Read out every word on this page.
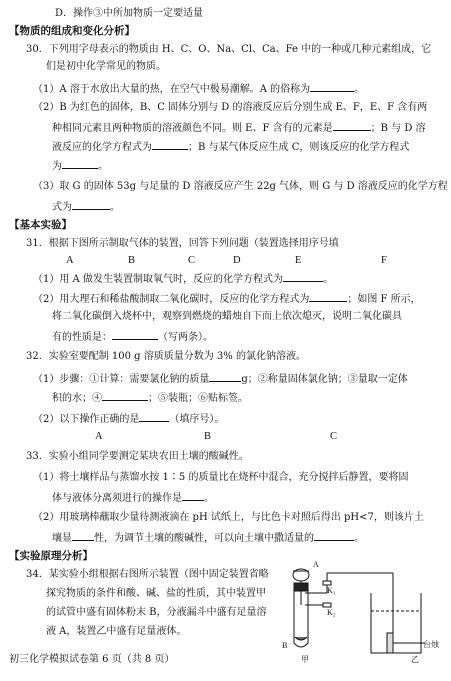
D．操作③中所加物质一定要适量
【物质的组成和变化分析】
30．下列用字母表示的物质由 H、C、O、Na、Cl、Ca、Fe 中的一种或几种元素组成，它
们是初中化学常见的物质。
（1）A 溶于水放出大量的热，在空气中极易潮解。A 的俗称为	。
（2）B 为红色的固体，B、C 固体分别与 D 的溶液反应后分别生成 E、F，E、F 含有两
种相同元素且两种物质的溶液颜色不同。则 E、F 含有的元素是	；B 与 D 溶
液反应的化学方程式为	；B 与某气体反应生成 C，则该反应的化学方程式
为	。
（3）取 G 的固体 53g 与足量的 D 溶液反应产生 22g 气体，则 G 与 D 溶液反应的化学方程
式为	。
【基本实验】
31．根据下图所示制取气体的装置，回答下列问题（装置选择用序号填
A	B	C	D	E	F
（1）用 A 做发生装置制取氧气时，反应的化学方程式为	。
（2）用大理石和稀盐酸制取二氧化碳时，反应的化学方程式为	；如图 F 所示，
将二氧化碳倒入烧杯中，观察到燃烧的蜡烛自下而上依次熄灭，说明二氧化碳具
有的性质是：	（写两条）。
32．实验室要配制 100 g 溶质质量分数为 3% 的氯化钠溶液。
（1）步骤：①计算：需要氯化钠的质量	g；②称量固体氯化钠；③量取一定体
积的水；④	；⑤装瓶；⑥贴标签。
（2）以下操作正确的是	（填序号）。
A	B	C
33．实验小组同学要测定某块农田土壤的酸碱性。
（1）将土壤样品与蒸馏水按 1∶5 的质量比在烧杯中混合，充分搅拌后静置，要将固
体与液体分离须进行的操作是 。
（2）用玻璃棒蘸取少量待测液滴在 pH 试纸上，与比色卡对照后得出 pH<7，则该片土
壤显 性，为调节土壤的酸碱性，可以向土壤中撒适量的	。
【实验原理分析】
34．某实验小组根据右图所示装置（图中固定装置省略
探究物质的条件和酸、碱、盐的性质，其中装置甲
的试管中盛有固体粉末 B，分液漏斗中盛有足量溶
液 A，装置乙中盛有足量液体。
A
K₁
K₂
B
甲	乙
台烛
初三化学模拟试卷第 6 页（共 8 页）
